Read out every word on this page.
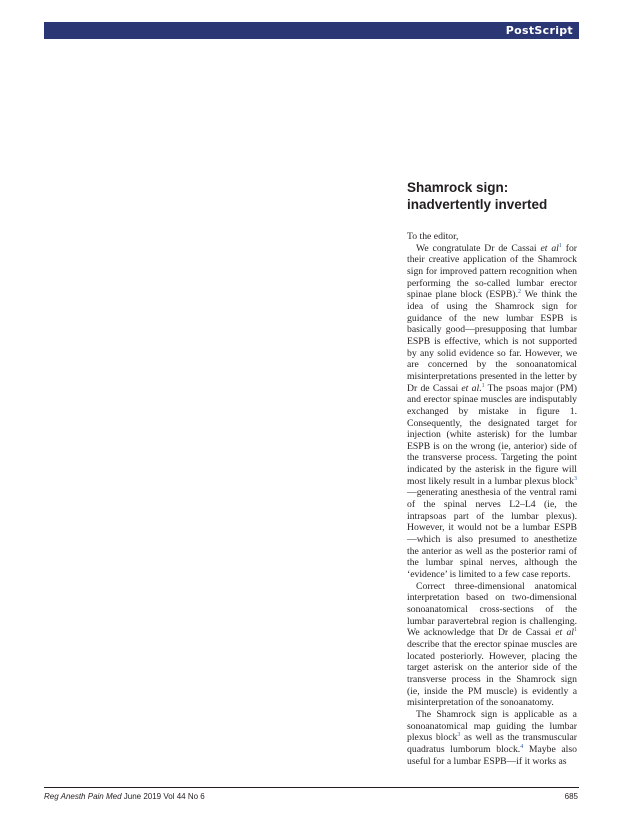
PostScript
Shamrock sign:
inadvertently inverted

To the editor,

We congratulate Dr de Cassai et $al^1$ for their creative application of the Shamrock sign for improved pattern recognition when performing the so-called lumbar erector spinae plane block (ESPB).$^2$ We think the idea of using the Shamrock sign for guidance of the new lumbar ESPB is basically good—presupposing that lumbar ESPB is effective, which is not supported by any solid evidence so far. However, we are concerned by the sonoanatomical misinterpretations presented in the letter by Dr de Cassai et al.$^1$ The psoas major (PM) and erector spinae muscles are indisputably exchanged by mistake in figure 1. Consequently, the designated target for injection (white asterisk) for the lumbar ESPB is on the wrong (ie, anterior) side of the transverse process. Targeting the point indicated by the asterisk in the figure will most likely result in a lumbar plexus block$^3$—generating anesthesia of the ventral rami of the spinal nerves L2–L4 (ie, the intrapsoas part of the lumbar plexus). However, it would not be a lumbar ESPB—which is also presumed to anesthetize the anterior as well as the posterior rami of the lumbar spinal nerves, although the ‘evidence’ is limited to a few case reports.

Correct three-dimensional anatomical interpretation based on two-dimensional sonoanatomical cross-sections of the lumbar paravertebral region is challenging. We acknowledge that Dr de Cassai et $al^1$ describe that the erector spinae muscles are located posteriorly. However, placing the target asterisk on the anterior side of the transverse process in the Shamrock sign (ie, inside the PM muscle) is evidently a misinterpretation of the sonoanatomy.

The Shamrock sign is applicable as a sonoanatomical map guiding the lumbar plexus block$^3$ as well as the transmuscular quadratus lumborum block.$^4$ Maybe also useful for a lumbar ESPB—if it works as

Reg Anesth Pain Med June 2019 Vol 44 No 6	685
